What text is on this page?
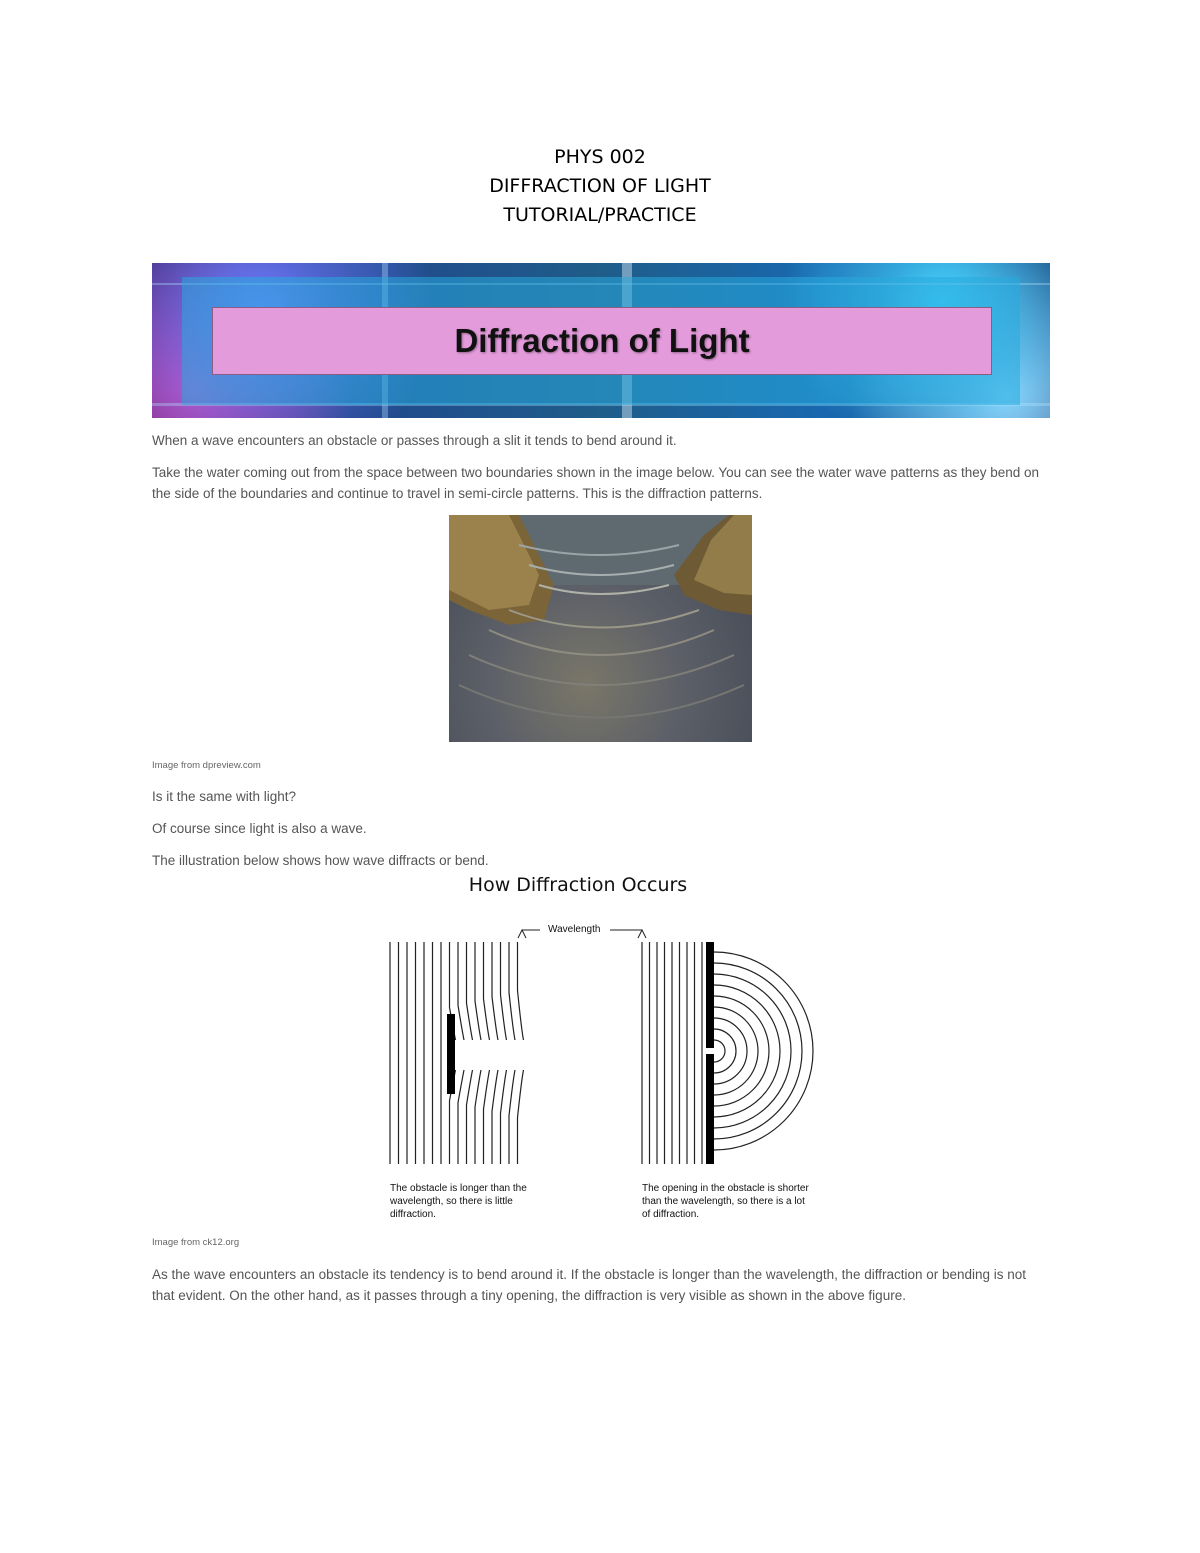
PHYS 002
DIFFRACTION OF LIGHT
TUTORIAL/PRACTICE
Diffraction of Light

When a wave encounters an obstacle or passes through a slit it tends to bend around it.

Take the water coming out from the space between two boundaries shown in the image below. You can see the water wave patterns as they bend on the side of the boundaries and continue to travel in semi-circle patterns. This is the diffraction patterns.

Image from dpreview.com

Is it the same with light?

Of course since light is also a wave.

The illustration below shows how wave diffracts or bend.

How Diffraction Occurs
Wavelength
The obstacle is longer than the wavelength, so there is little diffraction.
The opening in the obstacle is shorter than the wavelength, so there is a lot of diffraction.

Image from ck12.org

As the wave encounters an obstacle its tendency is to bend around it. If the obstacle is longer than the wavelength, the diffraction or bending is not that evident. On the other hand, as it passes through a tiny opening, the diffraction is very visible as shown in the above figure.
